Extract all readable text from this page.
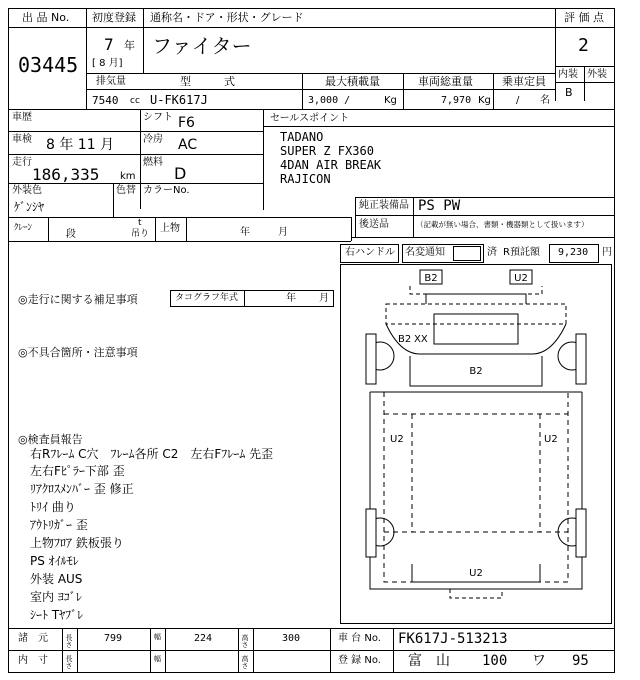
出 品 No.
03445
初度登録 通称名・ドア・形状・グレード
7 年
[ 8 月]
ファイター
評 価 点
2
内装 外装
B
排気量	型　　　式	最大積載量	車両総重量	乗車定員
7540 cc U-FK617J	3,000 /	Kg	7,970 Kg	/ 名
車歴	シフト F6
車検 8 年 11 月	冷房 AC
走行
186,335 km
燃料
D
外装色
ｹﾞﾝｼﾔ
色替 カラーNo.
セールスポイント
TADANO
SUPER Z FX360
4DAN AIR BREAK
RAJICON
純正装備品 PS PW
後送品	（記載が無い場合、書類・機器類として扱います）
ｸﾚｰﾝ
段
t
吊り 上物	年	月
右ハンドル 名変通知	済 R預託額 9,230 円
◎走行に関する補足事項	タコグラフ年式	年 月
◎不具合箇所・注意事項
◎検査員報告
右Rﾌﾚｰﾑ C穴　ﾌﾚｰﾑ各所 C2　左右Fﾌﾚｰﾑ 先歪
左右Fﾋﾟﾗｰ下部 歪
ﾘｱｸﾛｽﾒﾝﾊﾞｰ 歪 修正
ﾄﾘｲ 曲り
ｱｳﾄﾘｶﾞｰ 歪
上物ﾌﾛｱ 鉄板張り
PS ｵｲﾙﾓﾚ
外装 AUS
室内 ﾖｺﾞﾚ
ｼｰﾄ Tﾔﾌﾞﾚ
B2	U2
B2 XX
B2
U2	U2
U2
諸　元 長さ	799	幅	224	高さ	300	車 台 No. FK617J-513213
内　寸 長さ	幅	高さ	登 録 No. 富　山 100 ワ 95
